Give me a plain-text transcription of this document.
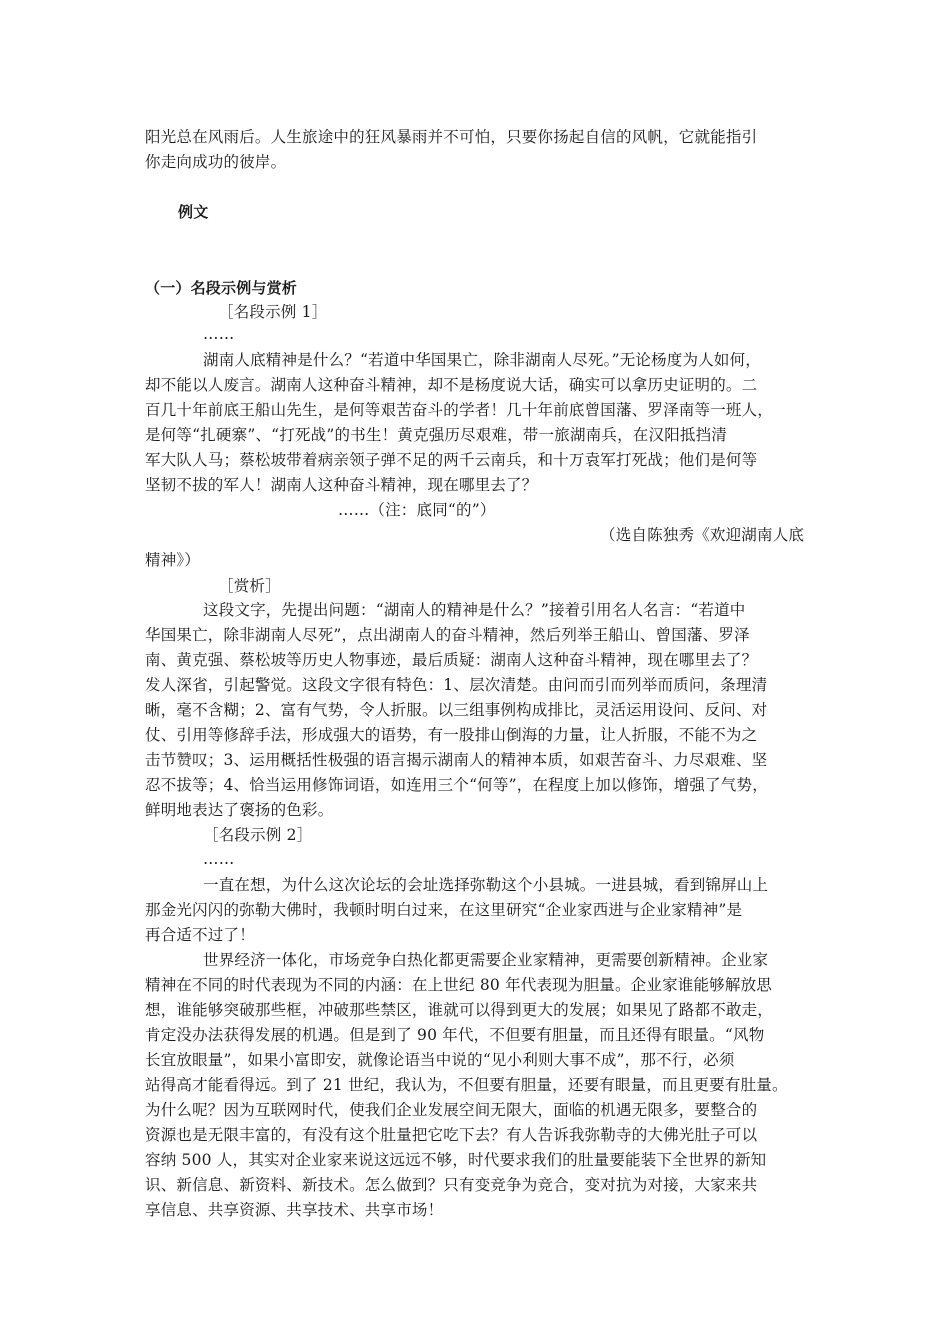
阳光总在风雨后。人生旅途中的狂风暴雨并不可怕，只要你扬起自信的风帆，它就能指引
你走向成功的彼岸。
例文
（一）名段示例与赏析
［名段示例 1］
……
湖南人底精神是什么？“若道中华国果亡，除非湖南人尽死。”无论杨度为人如何，
却不能以人废言。湖南人这种奋斗精神，却不是杨度说大话，确实可以拿历史证明的。二
百几十年前底王船山先生，是何等艰苦奋斗的学者！几十年前底曾国藩、罗泽南等一班人，
是何等“扎硬寨”、“打死战”的书生！黄克强历尽艰难，带一旅湖南兵，在汉阳抵挡清
军大队人马；蔡松坡带着病亲领子弹不足的两千云南兵，和十万袁军打死战；他们是何等
坚韧不拔的军人！湖南人这种奋斗精神，现在哪里去了？
……（注：底同“的”）
（选自陈独秀《欢迎湖南人底
精神》）
［赏析］
这段文字，先提出问题：“湖南人的精神是什么？”接着引用名人名言：“若道中
华国果亡，除非湖南人尽死”，点出湖南人的奋斗精神，然后列举王船山、曾国藩、罗泽
南、黄克强、蔡松坡等历史人物事迹，最后质疑：湖南人这种奋斗精神，现在哪里去了？
发人深省，引起警觉。这段文字很有特色：1、层次清楚。由问而引而列举而质问，条理清
晰，毫不含糊；2、富有气势，令人折服。以三组事例构成排比，灵活运用设问、反问、对
仗、引用等修辞手法，形成强大的语势，有一股排山倒海的力量，让人折服，不能不为之
击节赞叹；3、运用概括性极强的语言揭示湖南人的精神本质，如艰苦奋斗、力尽艰难、坚
忍不拔等；4、恰当运用修饰词语，如连用三个“何等”，在程度上加以修饰，增强了气势，
鲜明地表达了褒扬的色彩。
［名段示例 2］
……
一直在想，为什么这次论坛的会址选择弥勒这个小县城。一进县城，看到锦屏山上
那金光闪闪的弥勒大佛时，我顿时明白过来，在这里研究“企业家西进与企业家精神”是
再合适不过了！
世界经济一体化，市场竞争白热化都更需要企业家精神，更需要创新精神。企业家
精神在不同的时代表现为不同的内涵：在上世纪 80 年代表现为胆量。企业家谁能够解放思
想，谁能够突破那些框，冲破那些禁区，谁就可以得到更大的发展；如果见了路都不敢走，
肯定没办法获得发展的机遇。但是到了 90 年代，不但要有胆量，而且还得有眼量。“风物
长宜放眼量”，如果小富即安，就像论语当中说的“见小利则大事不成”，那不行，必须
站得高才能看得远。到了 21 世纪，我认为，不但要有胆量，还要有眼量，而且更要有肚量。
为什么呢？因为互联网时代，使我们企业发展空间无限大，面临的机遇无限多，要整合的
资源也是无限丰富的，有没有这个肚量把它吃下去？有人告诉我弥勒寺的大佛光肚子可以
容纳 500 人，其实对企业家来说这远远不够，时代要求我们的肚量要能装下全世界的新知
识、新信息、新资料、新技术。怎么做到？只有变竞争为竞合，变对抗为对接，大家来共
享信息、共享资源、共享技术、共享市场！
